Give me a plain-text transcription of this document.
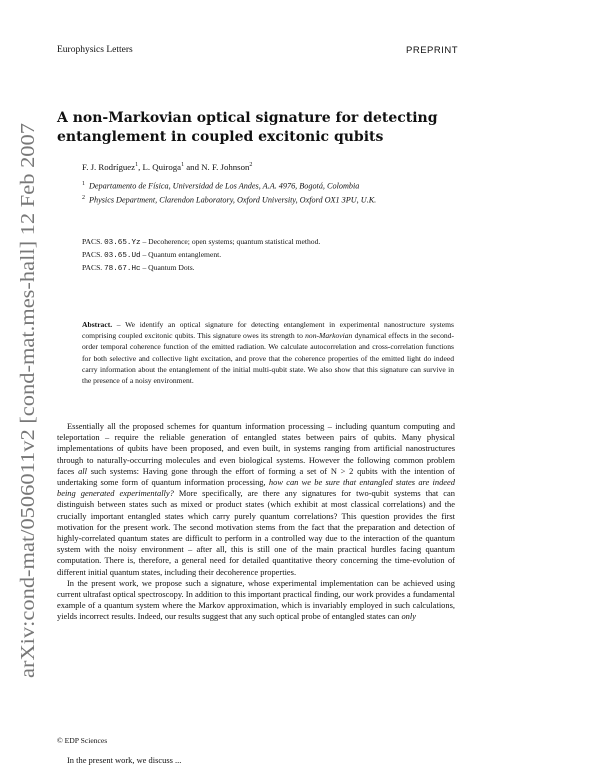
Europhysics Letters	PREPRINT
arXiv:cond-mat/0506011v2 [cond-mat.mes-hall] 12 Feb 2007
A non-Markovian optical signature for detecting entanglement in coupled excitonic qubits
F. J. Rodríguez$^1$, L. Quiroga$^1$ and N. F. Johnson$^2$
$^1$ Departamento de Física, Universidad de Los Andes, A.A. 4976, Bogotá, Colombia
$^2$ Physics Department, Clarendon Laboratory, Oxford University, Oxford OX1 3PU, U.K.
PACS. 03.65.Yz – Decoherence; open systems; quantum statistical method.
PACS. 03.65.Ud – Quantum entanglement.
PACS. 78.67.Hc – Quantum Dots.
Abstract. – We identify an optical signature for detecting entanglement in experimental nanostructure systems comprising coupled excitonic qubits. This signature owes its strength to non-Markovian dynamical effects in the second-order temporal coherence function of the emitted radiation. We calculate autocorrelation and cross-correlation functions for both selective and collective light excitation, and prove that the coherence properties of the emitted light do indeed carry information about the entanglement of the initial multi-qubit state. We also show that this signature can survive in the presence of a noisy environment.

Essentially all the proposed schemes for quantum information processing – including quantum computing and teleportation – require the reliable generation of entangled states between pairs of qubits. Many physical implementations of qubits have been proposed, and even built, in systems ranging from artificial nanostructures through to naturally-occurring molecules and even biological systems. However the following common problem faces all such systems: Having gone through the effort of forming a set of N > 2 qubits with the intention of undertaking some form of quantum information processing, how can we be sure that entangled states are indeed being generated experimentally? More specifically, are there any signatures for two-qubit systems that can distinguish between states such as mixed or product states (which exhibit at most classical correlations) and the crucially important entangled states which carry purely quantum correlations? This question provides the first motivation for the present work. The second motivation stems from the fact that the preparation and detection of highly-correlated quantum states are difficult to perform in a controlled way due to the interaction of the quantum system with the noisy environment – after all, this is still one of the main practical hurdles facing quantum computation. There is, therefore, a general need for detailed quantitative theory concerning the time-evolution of different initial quantum states, including their decoherence properties.

In the present work, we propose such a signature, whose experimental implementation can be achieved using current ultrafast optical spectroscopy. In addition to this important practical finding, our work provides a fundamental example of a quantum system where the Markov approximation, which is invariably employed in such calculations, yields incorrect results. Indeed, our results suggest that any such optical probe of entangled states can only

© EDP Sciences
In the present work, we discuss ...
